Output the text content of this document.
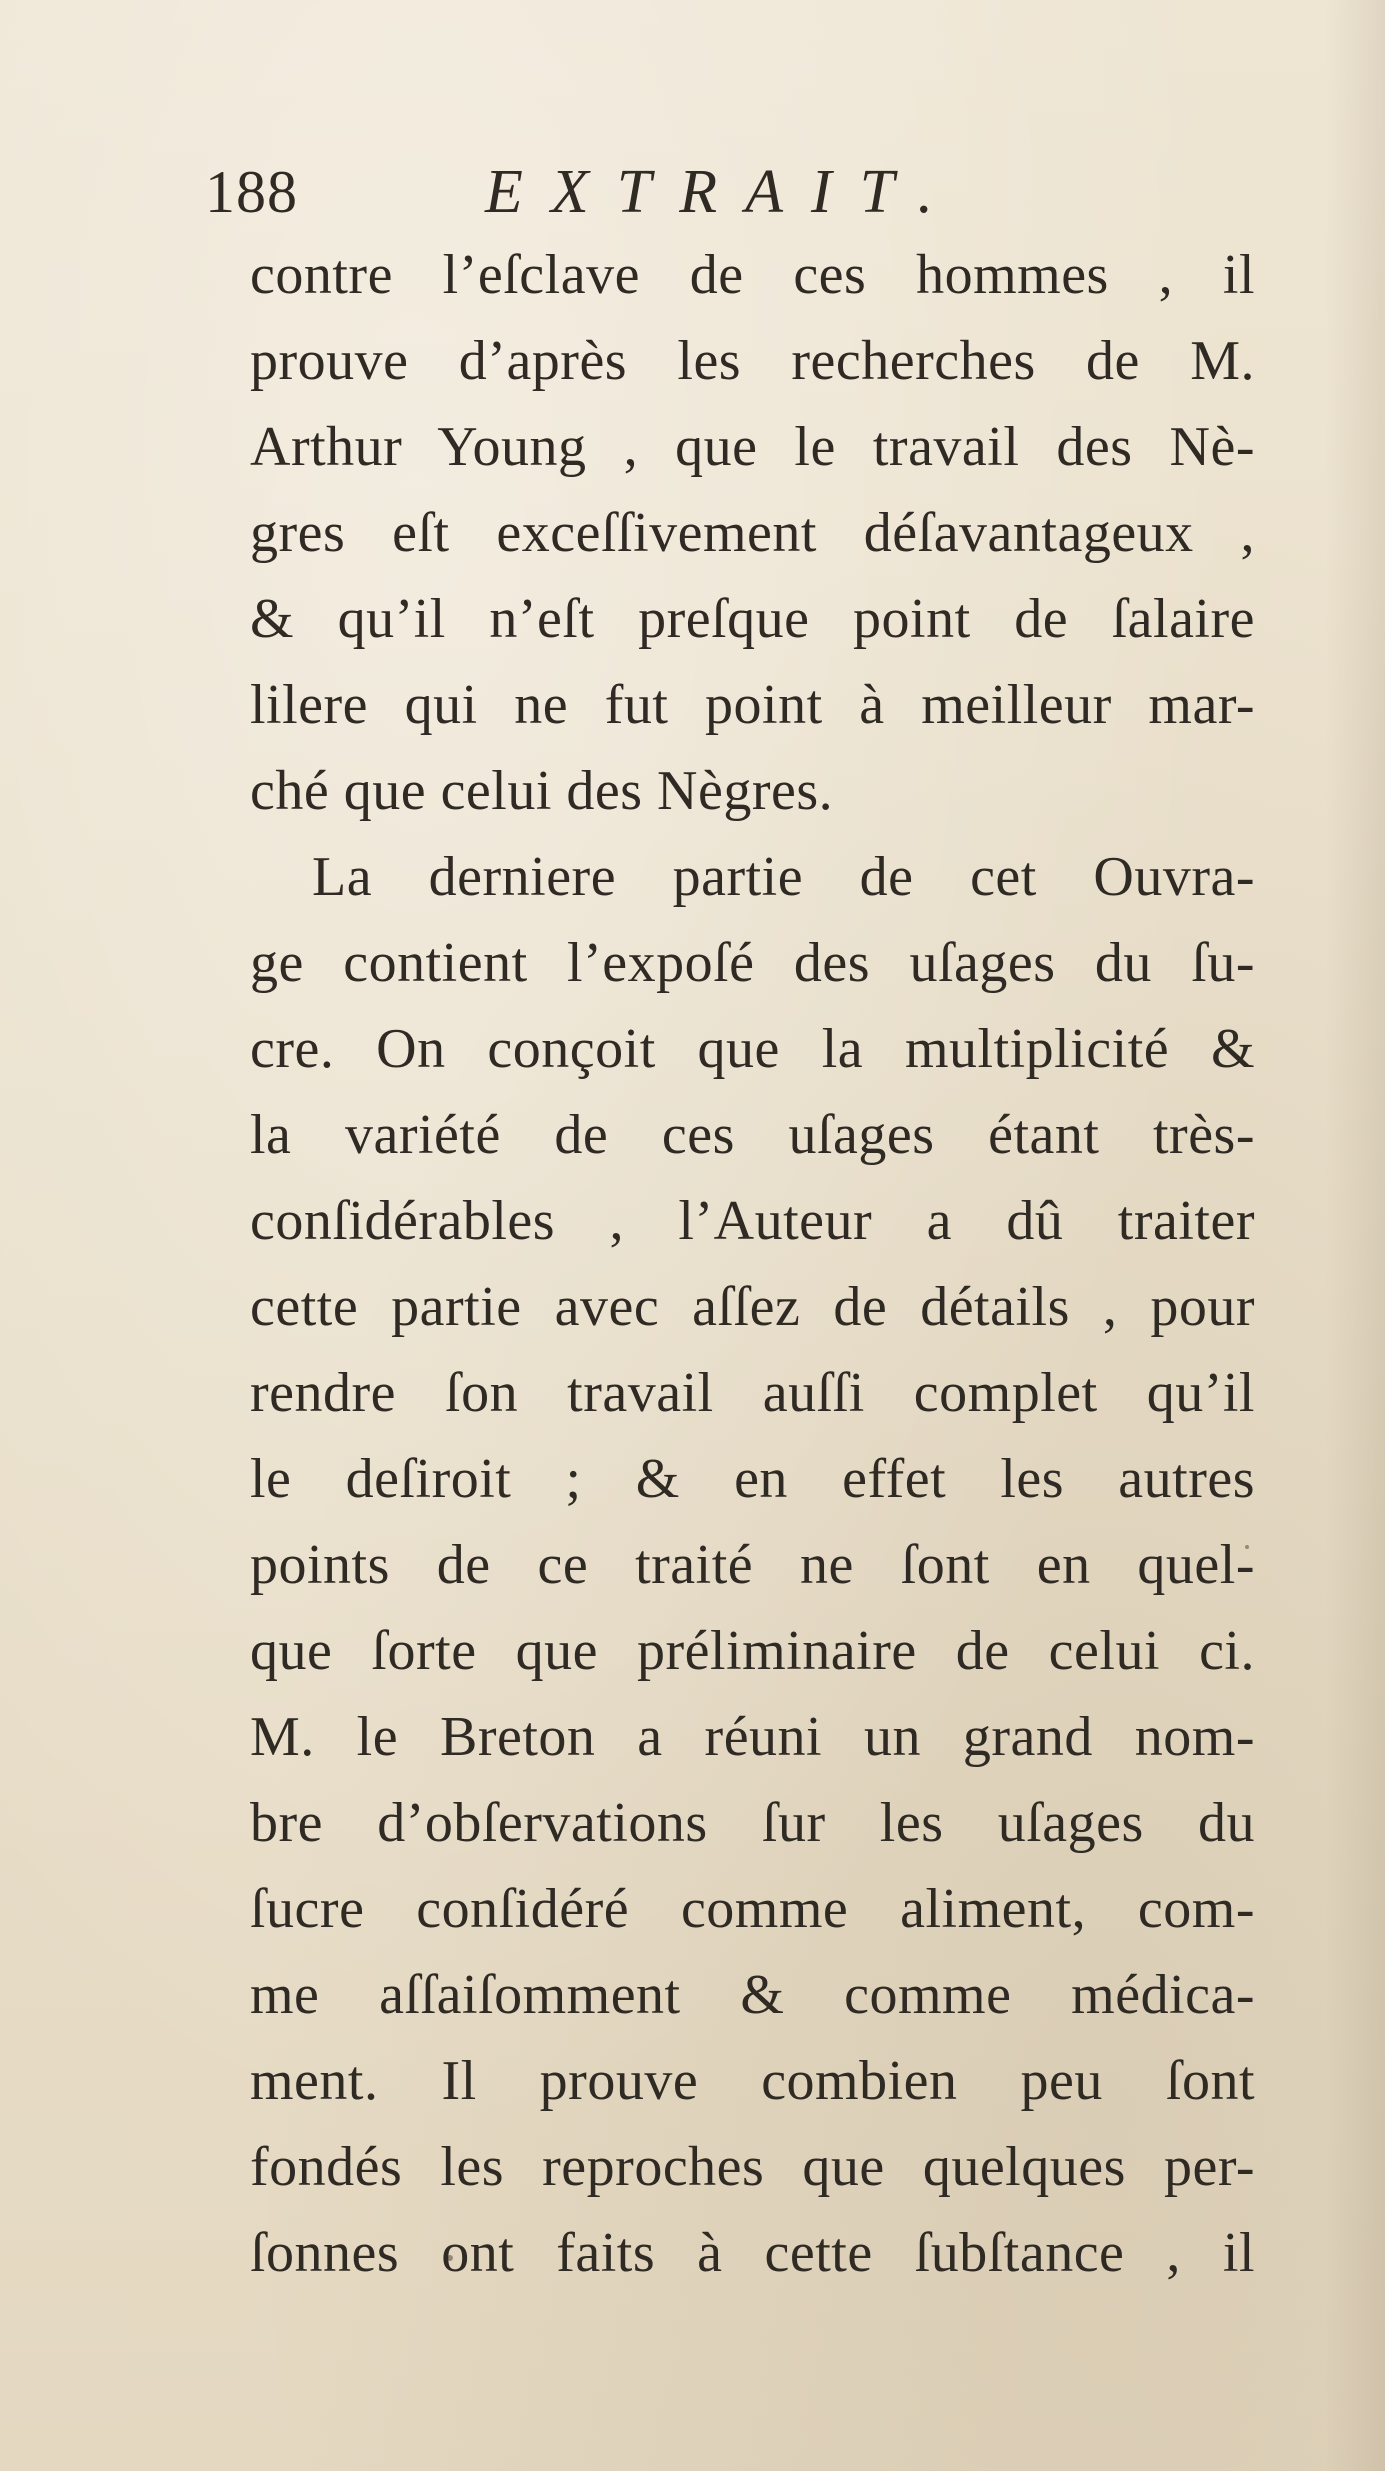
188	EXTRAIT.
contre l’eſclave de ces hommes , il
prouve d’après les recherches de M.
Arthur Young , que le travail des Nè-
gres eſt exceſſivement déſavantageux ,
& qu’il n’eſt preſque point de ſalaire
lilere qui ne fut point à meilleur mar-
ché que celui des Nègres.
La derniere partie de cet Ouvra-
ge contient l’expoſé des uſages du ſu-
cre. On conçoit que la multiplicité &
la variété de ces uſages étant très-
conſidérables , l’Auteur a dû traiter
cette partie avec aſſez de détails , pour
rendre ſon travail auſſi complet qu’il
le deſiroit ; & en effet les autres
points de ce traité ne ſont en quel-
que ſorte que préliminaire de celui ci.
M. le Breton a réuni un grand nom-
bre d’obſervations ſur les uſages du
ſucre conſidéré comme aliment, com-
me aſſaiſomment & comme médica-
ment. Il prouve combien peu ſont
fondés les reproches que quelques per-
ſonnes ont faits à cette ſubſtance , il
